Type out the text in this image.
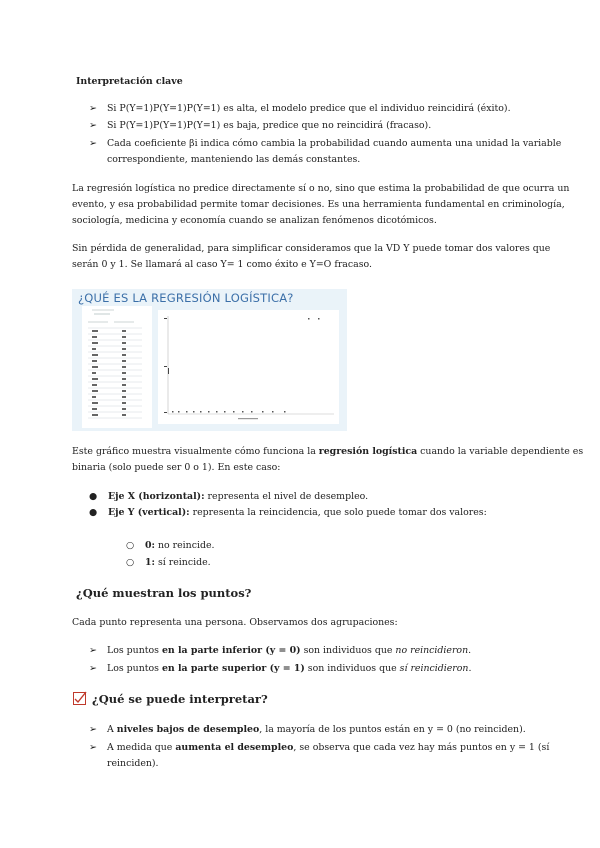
Interpretación clave
➢ Si P(Y=1)P(Y=1)P(Y=1) es alta, el modelo predice que el individuo reincidirá (éxito).
➢ Si P(Y=1)P(Y=1)P(Y=1) es baja, predice que no reincidirá (fracaso).
➢ Cada coeficiente βi indica cómo cambia la probabilidad cuando aumenta una unidad la variable
correspondiente, manteniendo las demás constantes.
La regresión logística no predice directamente sí o no, sino que estima la probabilidad de que ocurra un
evento, y esa probabilidad permite tomar decisiones. Es una herramienta fundamental en criminología,
sociología, medicina y economía cuando se analizan fenómenos dicotómicos.
Sin pérdida de generalidad, para simplificar consideramos que la VD Y puede tomar dos valores que
serán 0 y 1. Se llamará al caso Y= 1 como éxito e Y=O fracaso.
¿QUÉ ES LA REGRESIÓN LOGÍSTICA?
Este gráfico muestra visualmente cómo funciona la regresión logística cuando la variable dependiente es
binaria (solo puede ser 0 o 1). En este caso:
● Eje X (horizontal): representa el nivel de desempleo.
● Eje Y (vertical): representa la reincidencia, que solo puede tomar dos valores:
○ 0: no reincide.
○ 1: sí reincide.
¿Qué muestran los puntos?
Cada punto representa una persona. Observamos dos agrupaciones:
➢ Los puntos en la parte inferior (y = 0) son individuos que no reincidieron.
➢ Los puntos en la parte superior (y = 1) son individuos que sí reincidieron.
¿Qué se puede interpretar?
➢ A niveles bajos de desempleo, la mayoría de los puntos están en y = 0 (no reinciden).
➢ A medida que aumenta el desempleo, se observa que cada vez hay más puntos en y = 1 (sí
reinciden).
